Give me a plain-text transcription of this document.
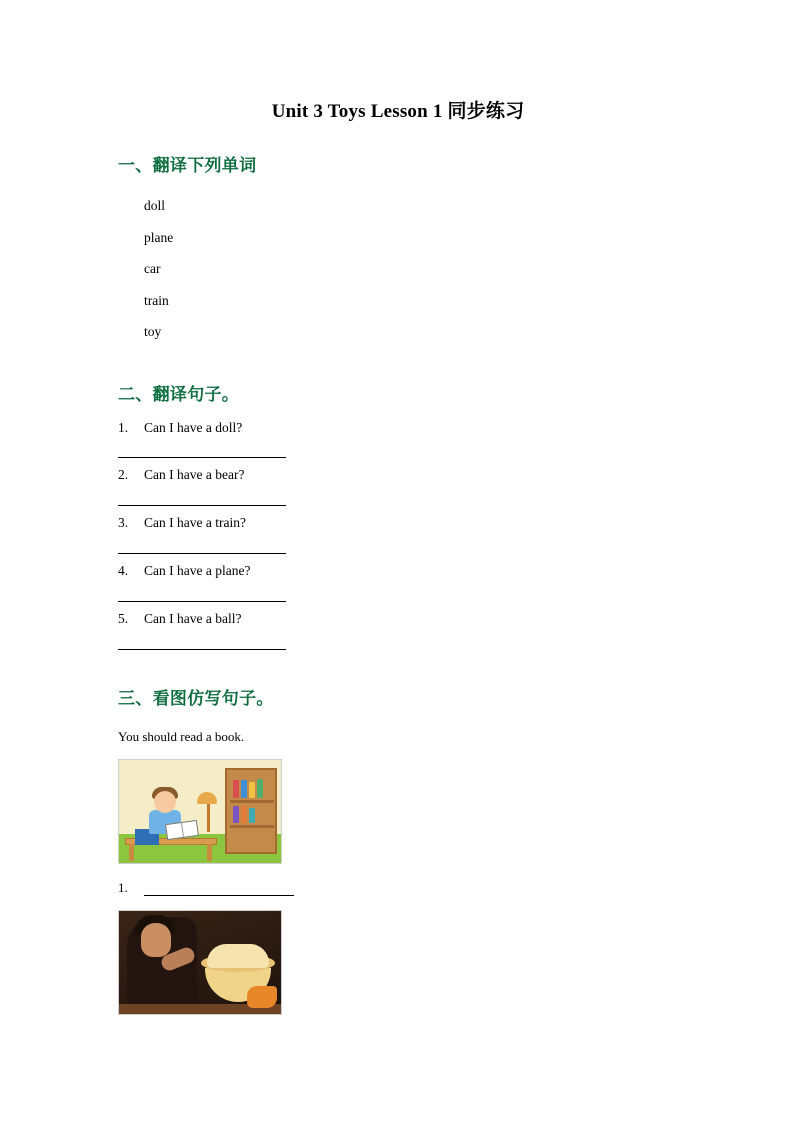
Unit 3 Toys Lesson 1 同步练习
一、翻译下列单词
doll
plane
car
train
toy
二、翻译句子。
1. Can I have a doll?
2. Can I have a bear?
3. Can I have a train?
4. Can I have a plane?
5. Can I have a ball?
三、看图仿写句子。

You should read a book.

1.
